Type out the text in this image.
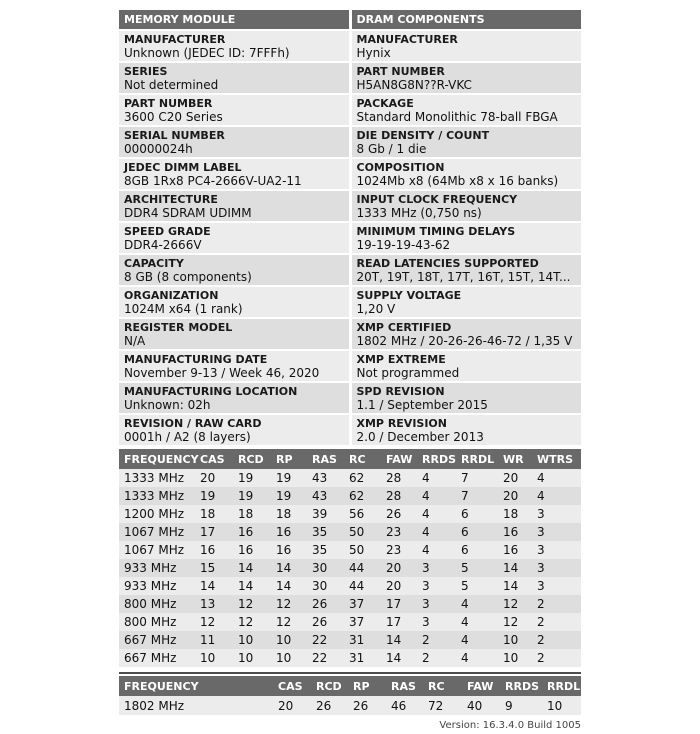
MEMORY MODULE
MANUFACTURER
Unknown (JEDEC ID: 7FFFh)
SERIES
Not determined
PART NUMBER
3600 C20 Series
SERIAL NUMBER
00000024h
JEDEC DIMM LABEL
8GB 1Rx8 PC4-2666V-UA2-11
ARCHITECTURE
DDR4 SDRAM UDIMM
SPEED GRADE
DDR4-2666V
CAPACITY
8 GB (8 components)
ORGANIZATION
1024M x64 (1 rank)
REGISTER MODEL
N/A
MANUFACTURING DATE
November 9-13 / Week 46, 2020
MANUFACTURING LOCATION
Unknown: 02h
REVISION / RAW CARD
0001h / A2 (8 layers)
DRAM COMPONENTS
MANUFACTURER
Hynix
PART NUMBER
H5AN8G8N??R-VKC
PACKAGE
Standard Monolithic 78-ball FBGA
DIE DENSITY / COUNT
8 Gb / 1 die
COMPOSITION
1024Mb x8 (64Mb x8 x 16 banks)
INPUT CLOCK FREQUENCY
1333 MHz (0,750 ns)
MINIMUM TIMING DELAYS
19-19-19-43-62
READ LATENCIES SUPPORTED
20T, 19T, 18T, 17T, 16T, 15T, 14T...
SUPPLY VOLTAGE
1,20 V
XMP CERTIFIED
1802 MHz / 20-26-26-46-72 / 1,35 V
XMP EXTREME
Not programmed
SPD REVISION
1.1 / September 2015
XMP REVISION
2.0 / December 2013
FREQUENCY	CAS	RCD	RP	RAS	RC	FAW	RRDS	RRDL	WR	WTRS
1333 MHz	20	19	19	43	62	28	4	7	20	4
1333 MHz	19	19	19	43	62	28	4	7	20	4
1200 MHz	18	18	18	39	56	26	4	6	18	3
1067 MHz	17	16	16	35	50	23	4	6	16	3
1067 MHz	16	16	16	35	50	23	4	6	16	3
933 MHz	15	14	14	30	44	20	3	5	14	3
933 MHz	14	14	14	30	44	20	3	5	14	3
800 MHz	13	12	12	26	37	17	3	4	12	2
800 MHz	12	12	12	26	37	17	3	4	12	2
667 MHz	11	10	10	22	31	14	2	4	10	2
667 MHz	10	10	10	22	31	14	2	4	10	2
FREQUENCY	CAS	RCD	RP	RAS	RC	FAW	RRDS	RRDL
1802 MHz	20	26	26	46	72	40	9	10
Version: 16.3.4.0 Build 1005
